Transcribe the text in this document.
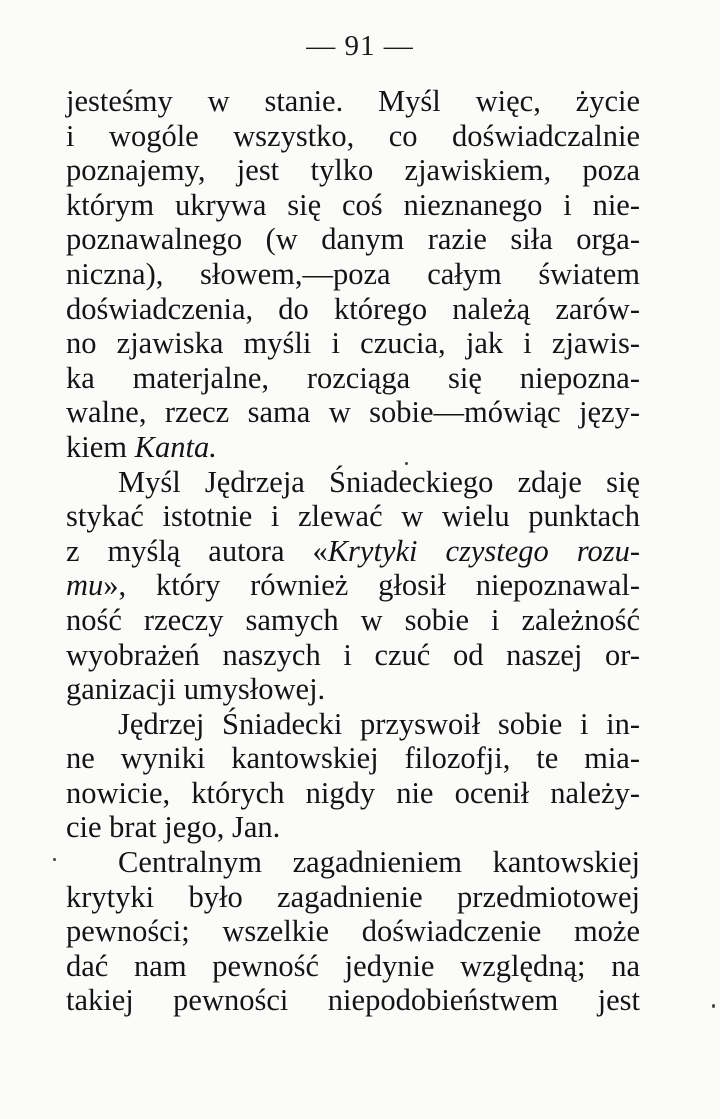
— 91 —
jesteśmy w stanie. Myśl więc, życie
i wogóle wszystko, co doświadczalnie
poznajemy, jest tylko zjawiskiem, poza
którym ukrywa się coś nieznanego i nie-
poznawalnego (w danym razie siła orga-
niczna), słowem,—poza całym światem
doświadczenia, do którego należą zarów-
no zjawiska myśli i czucia, jak i zjawis-
ka materjalne, rozciąga się niepozna-
walne, rzecz sama w sobie—mówiąc języ-
kiem Kanta.
Myśl Jędrzeja Śniadeckiego zdaje się
stykać istotnie i zlewać w wielu punktach
z myślą autora «Krytyki czystego rozu-
mu», który również głosił niepoznawal-
ność rzeczy samych w sobie i zależność
wyobrażeń naszych i czuć od naszej or-
ganizacji umysłowej.
Jędrzej Śniadecki przyswoił sobie i in-
ne wyniki kantowskiej filozofji, te mia-
nowicie, których nigdy nie ocenił należy-
cie brat jego, Jan.
Centralnym zagadnieniem kantowskiej
krytyki było zagadnienie przedmiotowej
pewności; wszelkie doświadczenie może
dać nam pewność jedynie względną; na
takiej pewności niepodobieństwem jest
